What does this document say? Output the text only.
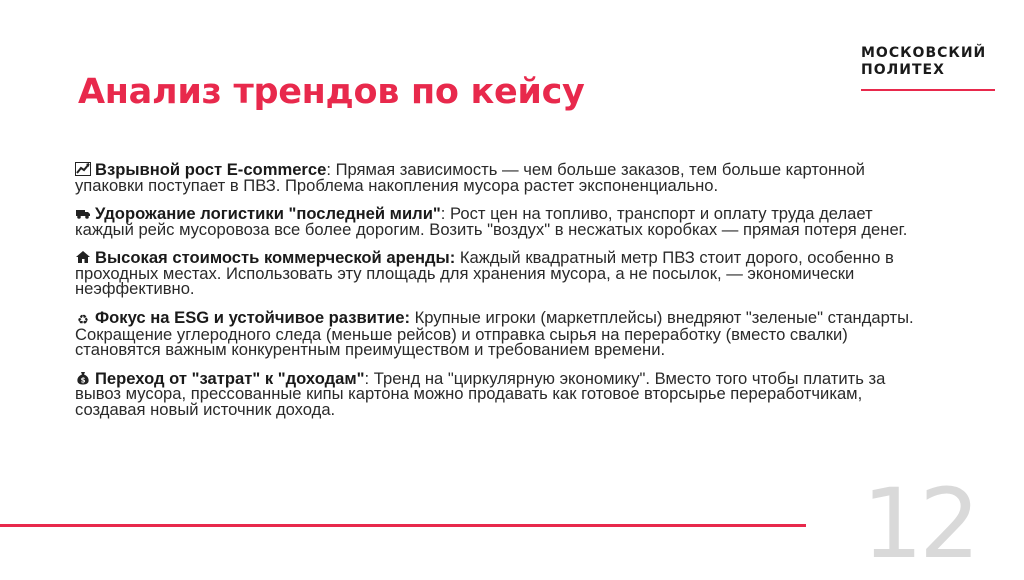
МОСКОВСКИЙ
ПОЛИТЕХ
Анализ трендов по кейсу

Взрывной рост E-commerce: Прямая зависимость — чем больше заказов, тем больше картонной упаковки поступает в ПВЗ. Проблема накопления мусора растет экспоненциально.

Удорожание логистики "последней мили": Рост цен на топливо, транспорт и оплату труда делает каждый рейс мусоровоза все более дорогим. Возить "воздух" в несжатых коробках — прямая потеря денег.

Высокая стоимость коммерческой аренды: Каждый квадратный метр ПВЗ стоит дорого, особенно в проходных местах. Использовать эту площадь для хранения мусора, а не посылок, — экономически неэффективно.

♻ Фокус на ESG и устойчивое развитие: Крупные игроки (маркетплейсы) внедряют "зеленые" стандарты. Сокращение углеродного следа (меньше рейсов) и отправка сырья на переработку (вместо свалки) становятся важным конкурентным преимуществом и требованием времени.

$ Переход от "затрат" к "доходам": Тренд на "циркулярную экономику". Вместо того чтобы платить за вывоз мусора, прессованные кипы картона можно продавать как готовое вторсырье переработчикам, создавая новый источник дохода.

12
